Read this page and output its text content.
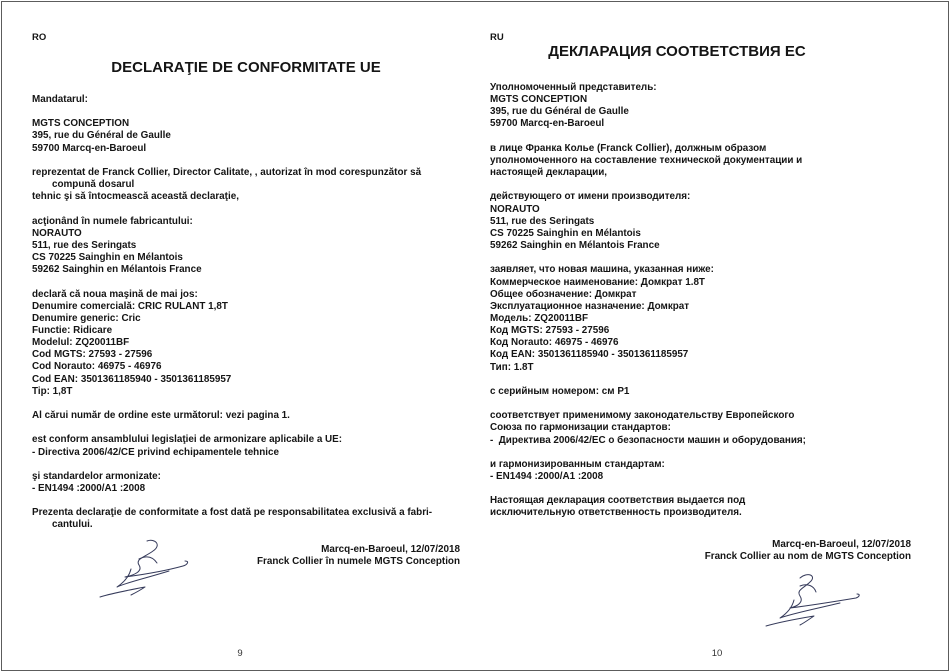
RO
DECLARAŢIE DE CONFORMITATE UE
Mandatarul:
MGTS CONCEPTION
395, rue du Général de Gaulle
59700 Marcq-en-Baroeul
reprezentat de Franck Collier, Director Calitate, , autorizat în mod corespunzător să
compună dosarul
tehnic şi să întocmească această declaraţie,
acţionând în numele fabricantului:
NORAUTO
511, rue des Seringats
CS 70225 Sainghin en Mélantois
59262 Sainghin en Mélantois France
declară că noua maşină de mai jos:
Denumire comercială: CRIC RULANT 1,8T
Denumire generic: Cric
Functie: Ridicare
Modelul: ZQ20011BF
Cod MGTS: 27593 - 27596
Cod Norauto: 46975 - 46976
Cod EAN: 3501361185940 - 3501361185957
Tip: 1,8T
Al cărui număr de ordine este următorul: vezi pagina 1.
est conform ansamblului legislaţiei de armonizare aplicabile a UE:
- Directiva 2006/42/CE privind echipamentele tehnice
şi standardelor armonizate:
- EN1494 :2000/A1 :2008
Prezenta declaraţie de conformitate a fost dată pe responsabilitatea exclusivă a fabri-
cantului.
Marcq-en-Baroeul, 12/07/2018
Franck Collier în numele MGTS Conception
9
RU
ДЕКЛАРАЦИЯ СООТВЕТСТВИЯ ЕС
Уполномоченный представитель:
MGTS CONCEPTION
395, rue du Général de Gaulle
59700 Marcq-en-Baroeul
в лице Франка Колье (Franck Collier), должным образом
уполномоченного на составление технической документации и
настоящей декларации,
действующего от имени производителя:
NORAUTO
511, rue des Seringats
CS 70225 Sainghin en Mélantois
59262 Sainghin en Mélantois France
заявляет, что новая машина, указанная ниже:
Коммерческое наименование: Домкрат 1.8T
Общее обозначение: Домкрат
Эксплуатационное назначение: Домкрат
Модель: ZQ20011BF
Код MGTS: 27593 - 27596
Код Norauto: 46975 - 46976
Код EAN: 3501361185940 - 3501361185957
Тип: 1.8T
с серийным номером: см Р1
соответствует применимому законодательству Европейского
Союза по гармонизации стандартов:
-  Директива 2006/42/EC о безопасности машин и оборудования;
и гармонизированным стандартам:
- EN1494 :2000/A1 :2008
Настоящая декларация соответствия выдается под
исключительную ответственность производителя.
Marcq-en-Baroeul, 12/07/2018
Franck Collier au nom de MGTS Conception
10
